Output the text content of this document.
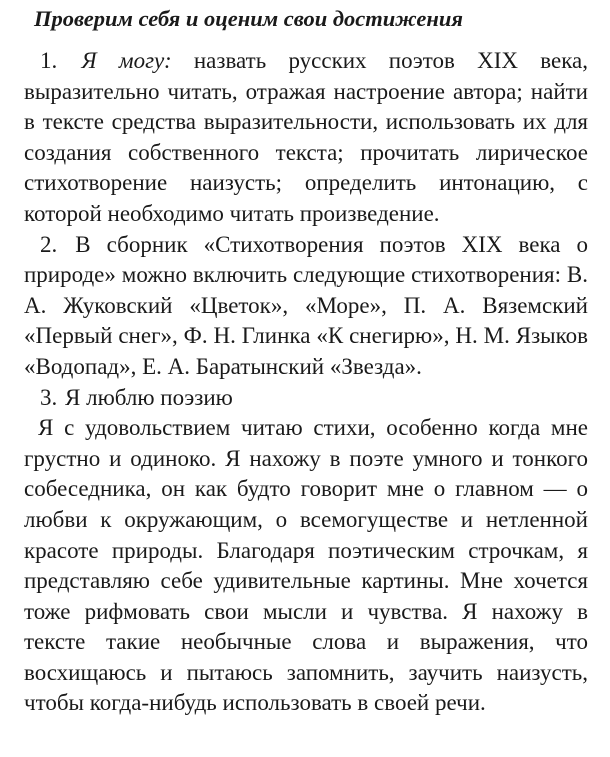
Проверим себя и оценим свои достижения

1. Я могу: назвать русских поэтов XIX века, выразительно читать, отражая настроение автора; найти в тексте средства выразительности, использовать их для создания собственного текста; прочитать лирическое стихотворение наизусть; определить интонацию, с которой необходимо читать произведение.

2. В сборник «Стихотворения поэтов XIX века о природе» можно включить следующие стихотворения: В. А. Жуковский «Цветок», «Море», П. А. Вяземский «Первый снег», Ф. Н. Глинка «К снегирю», Н. М. Языков «Водопад», Е. А. Баратынский «Звезда».

3. Я люблю поэзию

Я с удовольствием читаю стихи, особенно когда мне грустно и одиноко. Я нахожу в поэте умного и тонкого собеседника, он как будто говорит мне о главном — о любви к окружающим, о всемогуществе и нетленной красоте природы. Благодаря поэтическим строчкам, я представляю себе удивительные картины. Мне хочется тоже рифмовать свои мысли и чувства. Я нахожу в тексте такие необычные слова и выражения, что восхищаюсь и пытаюсь запомнить, заучить наизусть, чтобы когда-нибудь использовать в своей речи.
